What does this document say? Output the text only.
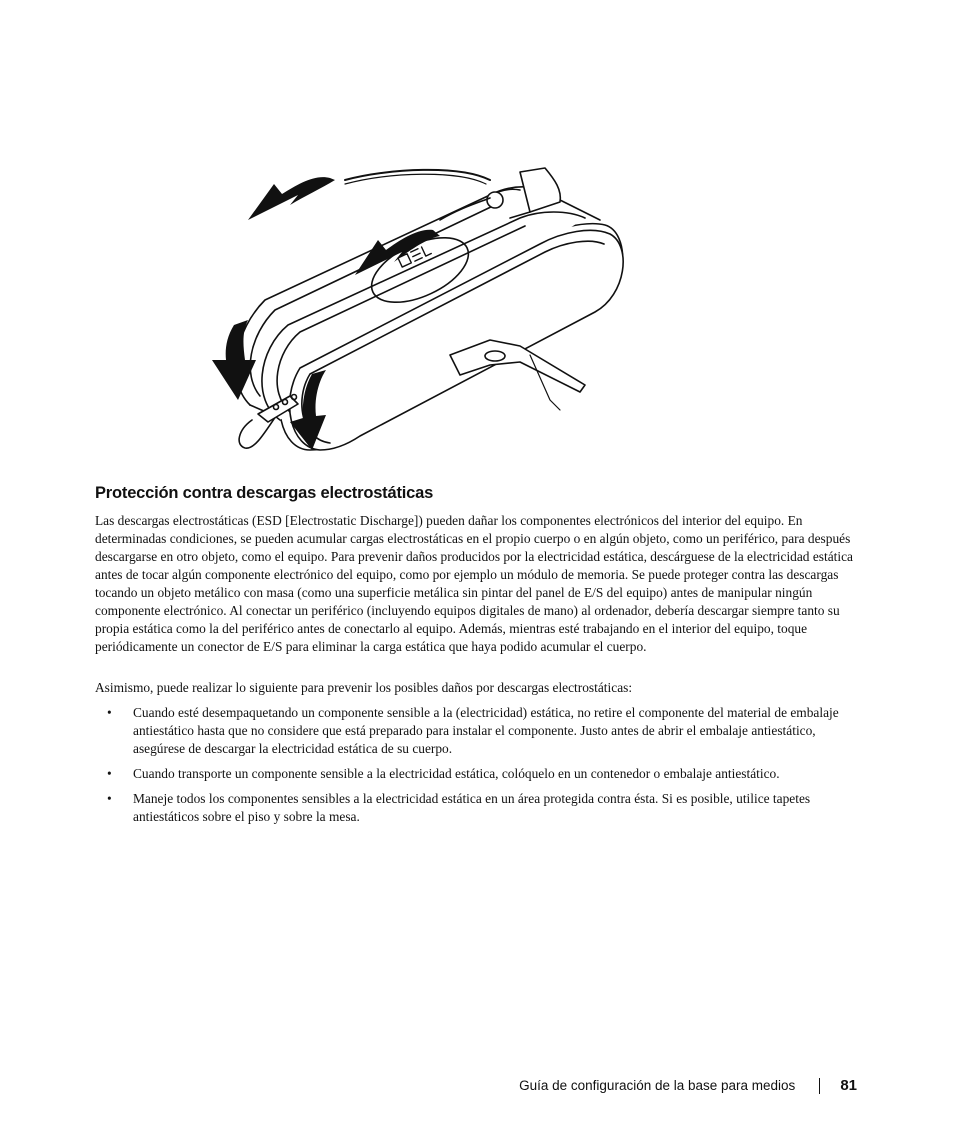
Protección contra descargas electrostáticas
Las descargas electrostáticas (ESD [Electrostatic Discharge]) pueden dañar los componentes electrónicos del interior del equipo. En determinadas condiciones, se pueden acumular cargas electrostáticas en el propio cuerpo o en algún objeto, como un periférico, para después descargarse en otro objeto, como el equipo. Para prevenir daños producidos por la electricidad estática, descárguese de la electricidad estática antes de tocar algún componente electrónico del equipo, como por ejemplo un módulo de memoria. Se puede proteger contra las descargas tocando un objeto metálico con masa (como una superficie metálica sin pintar del panel de E/S del equipo) antes de manipular ningún componente electrónico. Al conectar un periférico (incluyendo equipos digitales de mano) al ordenador, debería descargar siempre tanto su propia estática como la del periférico antes de conectarlo al equipo. Además, mientras esté trabajando en el interior del equipo, toque periódicamente un conector de E/S para eliminar la carga estática que haya podido acumular el cuerpo.
Asimismo, puede realizar lo siguiente para prevenir los posibles daños por descargas electrostáticas:
• Cuando esté desempaquetando un componente sensible a la (electricidad) estática, no retire el componente del material de embalaje antiestático hasta que no considere que está preparado para instalar el componente. Justo antes de abrir el embalaje antiestático, asegúrese de descargar la electricidad estática de su cuerpo.
• Cuando transporte un componente sensible a la electricidad estática, colóquelo en un contenedor o embalaje antiestático.
• Maneje todos los componentes sensibles a la electricidad estática en un área protegida contra ésta. Si es posible, utilice tapetes antiestáticos sobre el piso y sobre la mesa.
Guía de configuración de la base para medios	81
